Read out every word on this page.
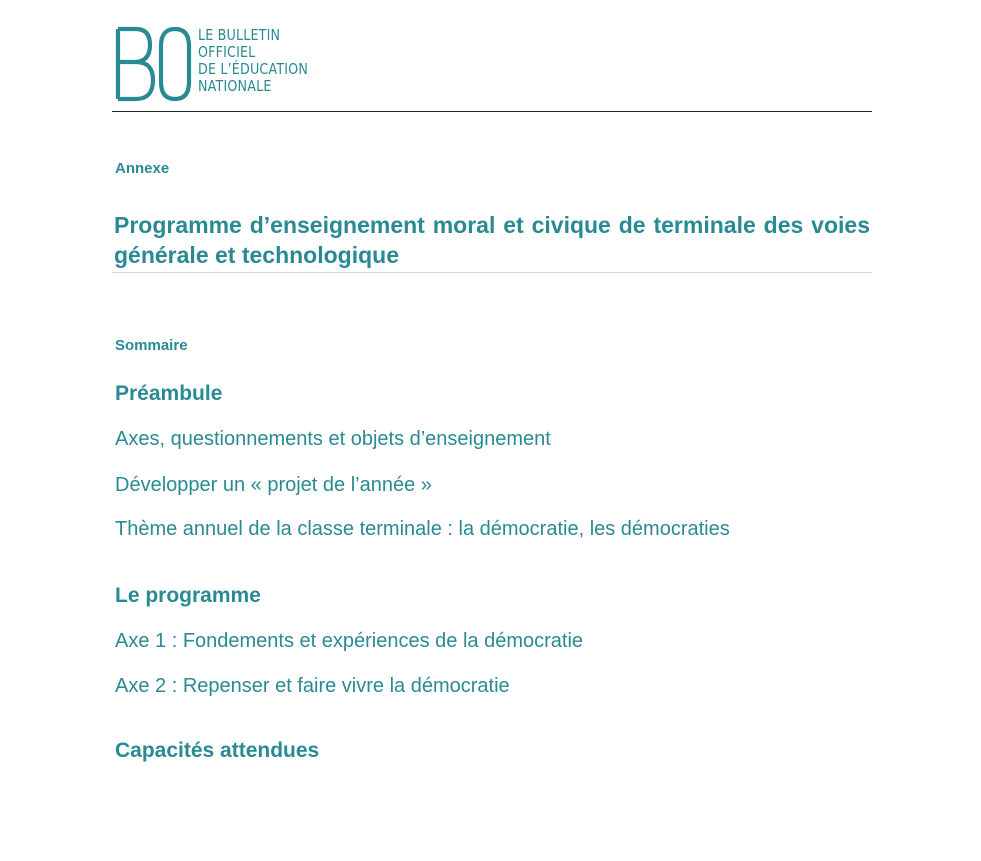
LE BULLETIN
OFFICIEL
DE L’ÉDUCATION
NATIONALE
Annexe
Programme d’enseignement moral et civique de terminale des voies générale et technologique
Sommaire
Préambule
Axes, questionnements et objets d’enseignement
Développer un « projet de l’année »
Thème annuel de la classe terminale : la démocratie, les démocraties
Le programme
Axe 1 : Fondements et expériences de la démocratie
Axe 2 : Repenser et faire vivre la démocratie
Capacités attendues
